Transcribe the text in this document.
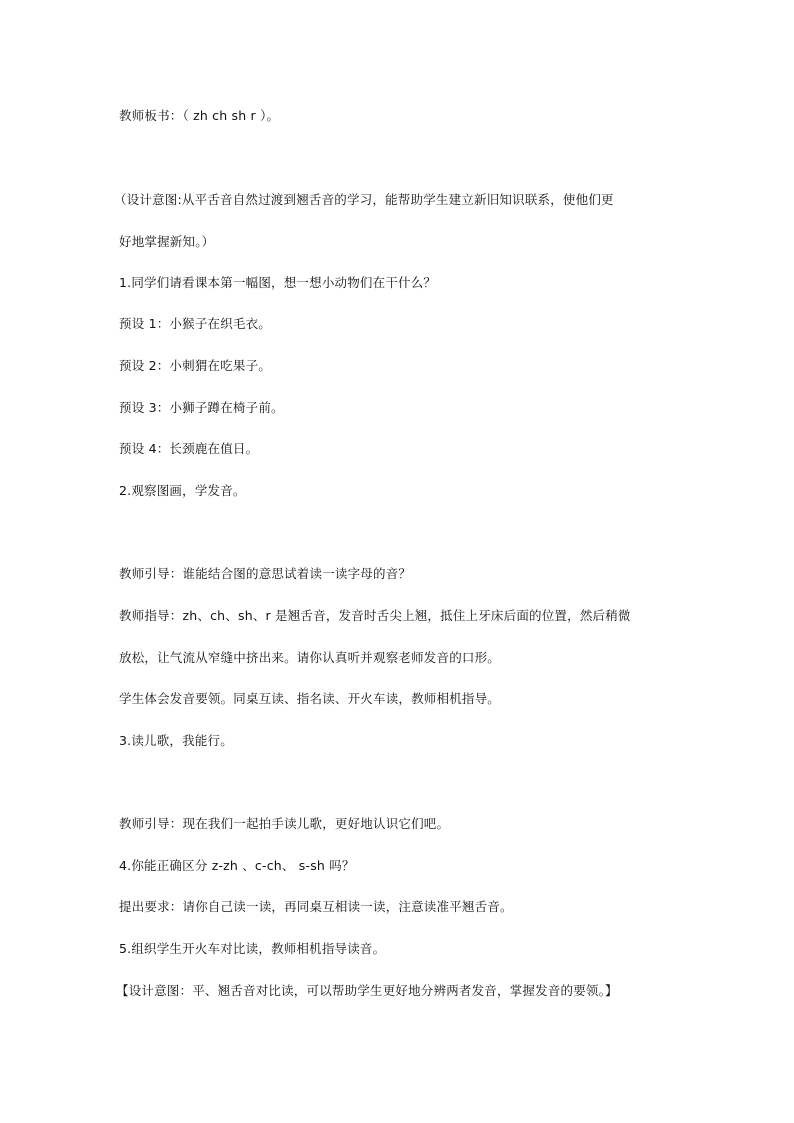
教师板书：（ zh ch sh r ）。
（设计意图:从平舌音自然过渡到翘舌音的学习，能帮助学生建立新旧知识联系，使他们更
好地掌握新知。）
1.同学们请看课本第一幅图，想一想小动物们在干什么？
预设 1：小猴子在织毛衣。
预设 2：小刺猬在吃果子。
预设 3：小狮子蹲在椅子前。
预设 4：长颈鹿在值日。
2.观察图画，学发音。
教师引导：谁能结合图的意思试着读一读字母的音？
教师指导：zh、ch、sh、r 是翘舌音，发音时舌尖上翘，抵住上牙床后面的位置，然后稍微
放松，让气流从窄缝中挤出来。请你认真听并观察老师发音的口形。
学生体会发音要领。同桌互读、指名读、开火车读，教师相机指导。
3.读儿歌，我能行。
教师引导：现在我们一起拍手读儿歌，更好地认识它们吧。
4.你能正确区分 z-zh 、c-ch、 s-sh 吗？
提出要求：请你自己读一读，再同桌互相读一读，注意读准平翘舌音。
5.组织学生开火车对比读，教师相机指导读音。
【设计意图：平、翘舌音对比读，可以帮助学生更好地分辨两者发音，掌握发音的要领。】
